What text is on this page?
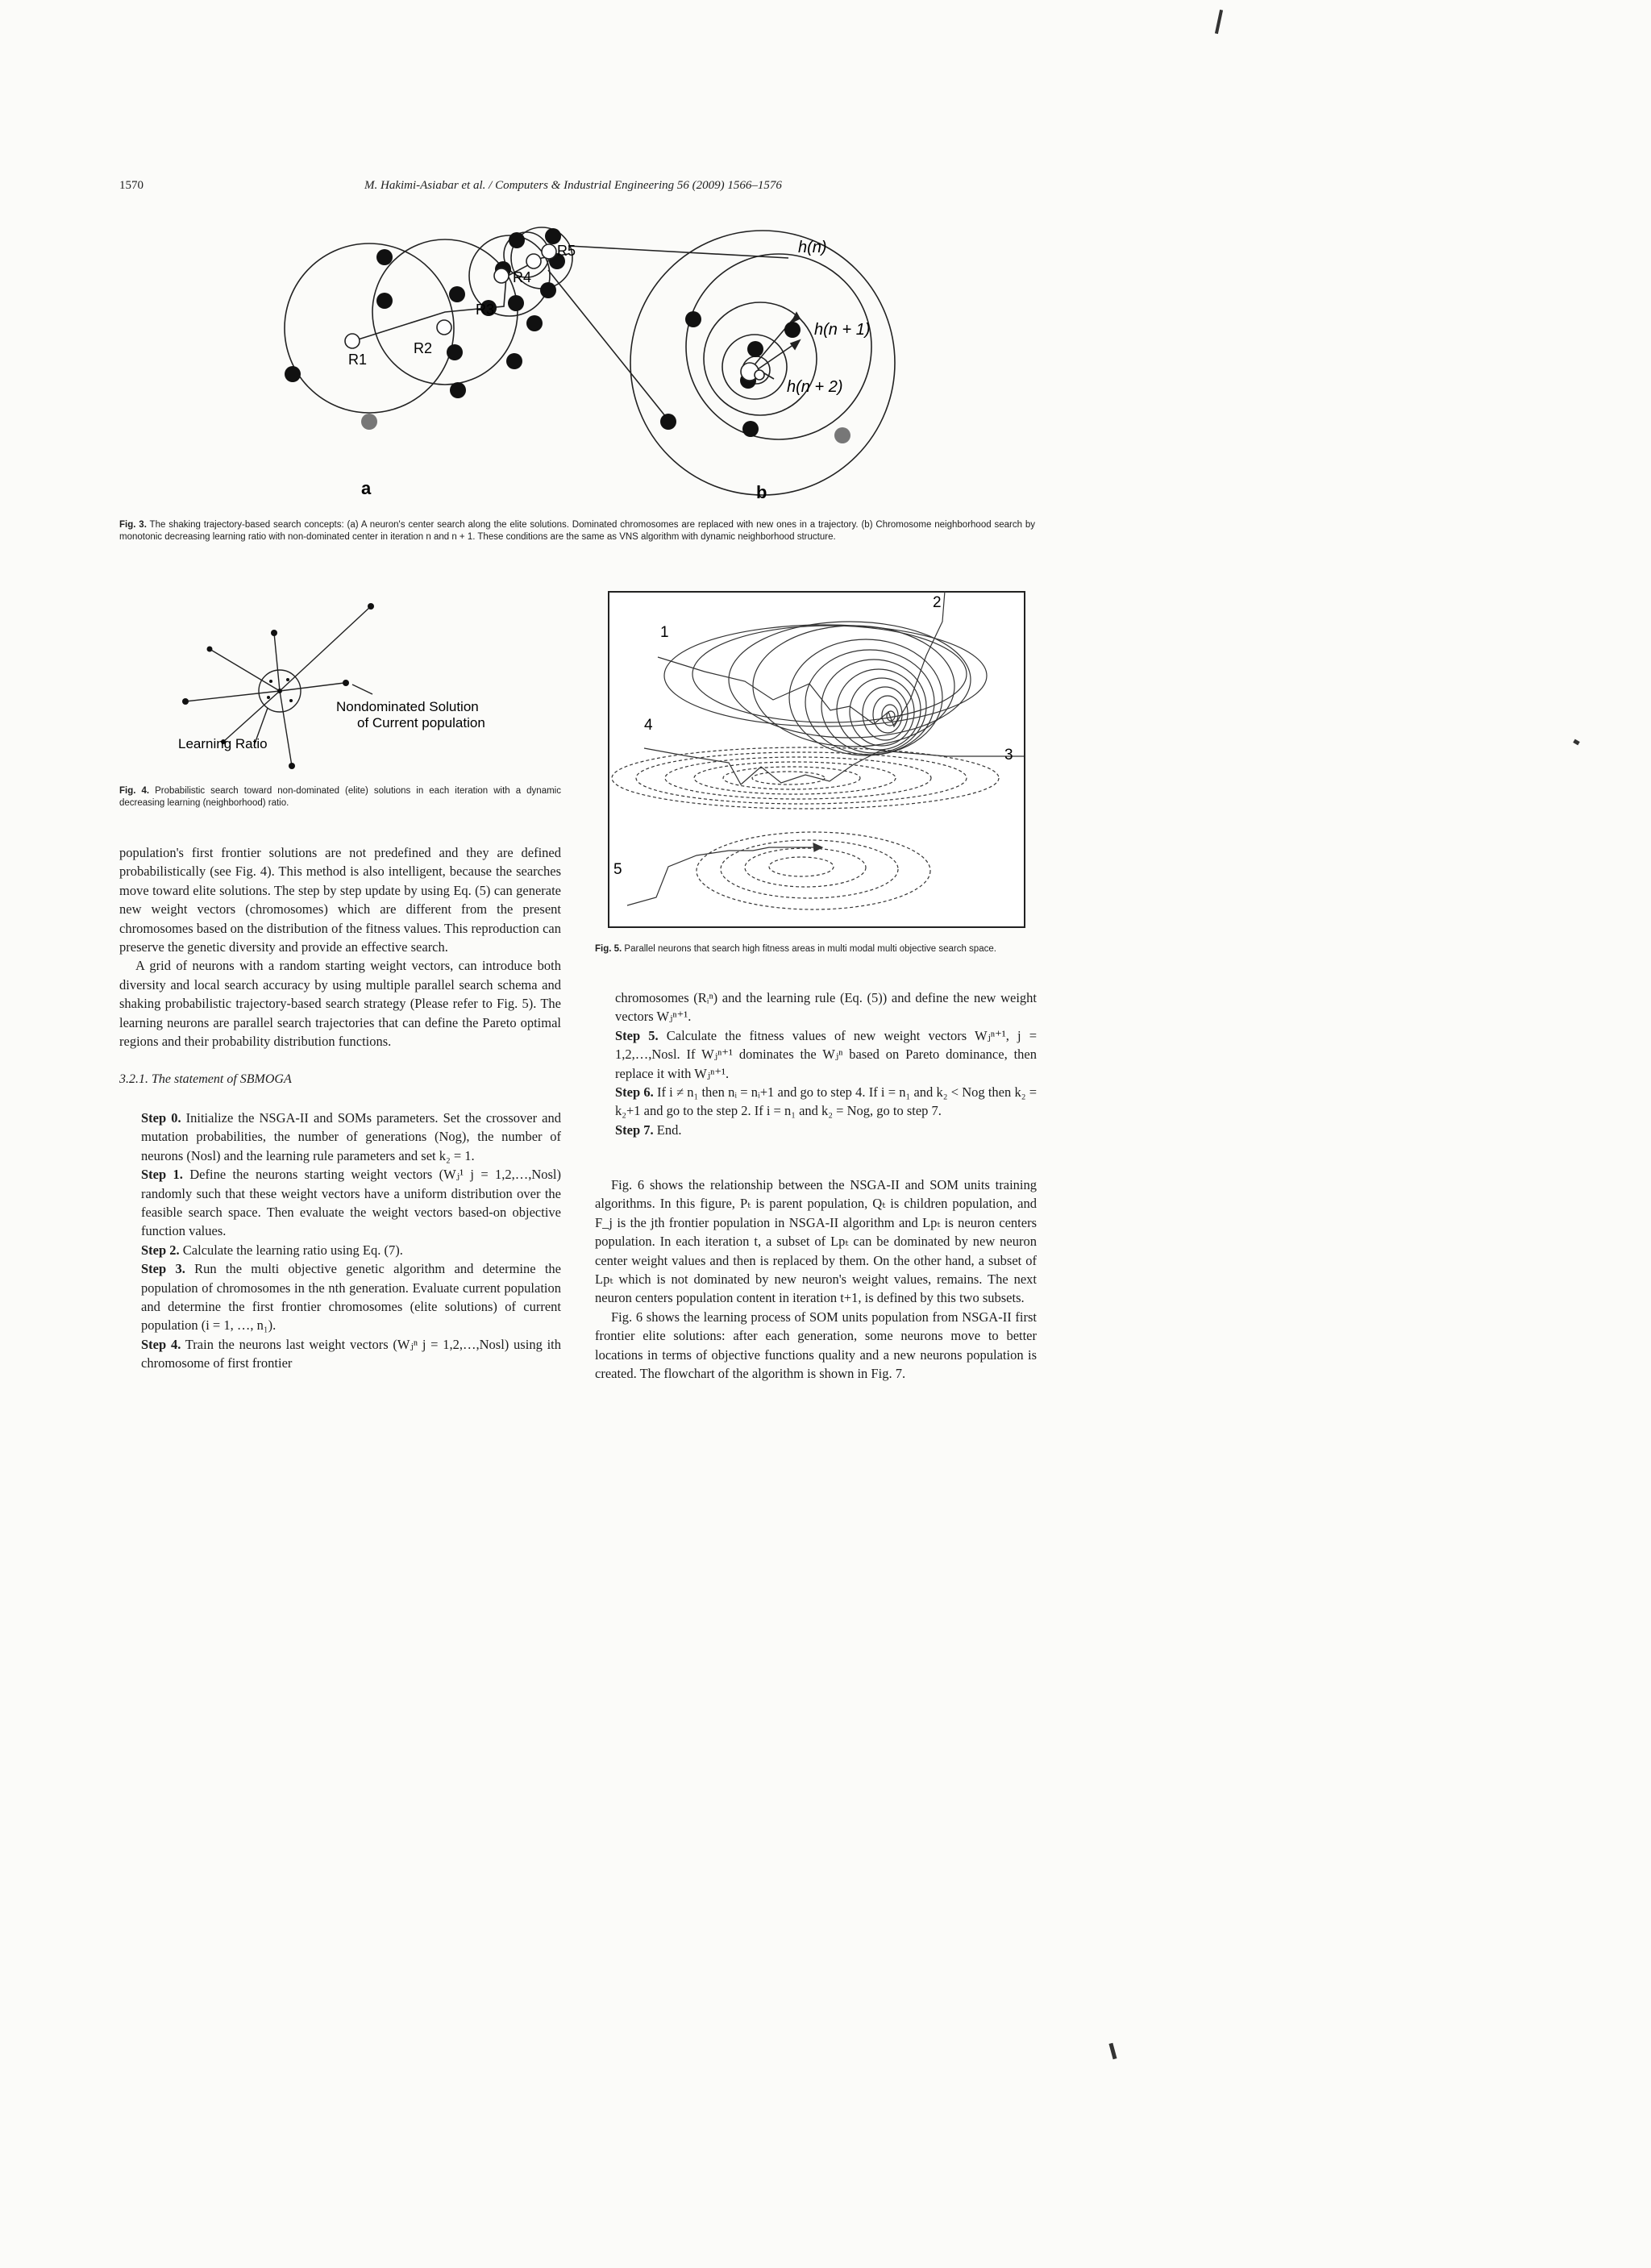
1570	M. Hakimi-Asiabar et al. / Computers & Industrial Engineering 56 (2009) 1566–1576
R1
R2
R3
R4
R5	h(n)
h(n + 1)
h(n + 2)
a	b
Fig. 3. The shaking trajectory-based search concepts: (a) A neuron's center search along the elite solutions. Dominated chromosomes are replaced with new ones in a trajectory. (b) Chromosome neighborhood search by monotonic decreasing learning ratio with non-dominated center in iteration n and n + 1. These conditions are the same as VNS algorithm with dynamic neighborhood structure.
Nondominated Solution
of Current population
Learning Ratio
Fig. 4. Probabilistic search toward non-dominated (elite) solutions in each iteration with a dynamic decreasing learning (neighborhood) ratio.
1
2
3
4
5
Fig. 5. Parallel neurons that search high fitness areas in multi modal multi objective search space.

population's first frontier solutions are not predefined and they are defined probabilistically (see Fig. 4). This method is also intelligent, because the searches move toward elite solutions. The step by step update by using Eq. (5) can generate new weight vectors (chromosomes) which are different from the present chromosomes based on the distribution of the fitness values. This reproduction can preserve the genetic diversity and provide an effective search.

A grid of neurons with a random starting weight vectors, can introduce both diversity and local search accuracy by using multiple parallel search schema and shaking probabilistic trajectory-based search strategy (Please refer to Fig. 5). The learning neurons are parallel search trajectories that can define the Pareto optimal regions and their probability distribution functions.

3.2.1. The statement of SBMOGA

Step 0. Initialize the NSGA-II and SOMs parameters. Set the crossover and mutation probabilities, the number of generations (Nog), the number of neurons (Nosl) and the learning rule parameters and set k₂ = 1.

Step 1. Define the neurons starting weight vectors (Wⱼ¹ j = 1,2,…,Nosl) randomly such that these weight vectors have a uniform distribution over the feasible search space. Then evaluate the weight vectors based-on objective function values.

Step 2. Calculate the learning ratio using Eq. (7).

Step 3. Run the multi objective genetic algorithm and determine the population of chromosomes in the nth generation. Evaluate current population and determine the first frontier chromosomes (elite solutions) of current population (i = 1, …, n₁).

Step 4. Train the neurons last weight vectors (Wⱼⁿ j = 1,2,…,Nosl) using ith chromosome of first frontier

chromosomes (Rᵢⁿ) and the learning rule (Eq. (5)) and define the new weight vectors Wⱼⁿ⁺¹.

Step 5. Calculate the fitness values of new weight vectors Wⱼⁿ⁺¹, j = 1,2,…,Nosl. If Wⱼⁿ⁺¹ dominates the Wⱼⁿ based on Pareto dominance, then replace it with Wⱼⁿ⁺¹.

Step 6. If i ≠ n₁ then nᵢ = nᵢ+1 and go to step 4. If i = n₁ and k₂ < Nog then k₂ = k₂+1 and go to the step 2. If i = n₁ and k₂ = Nog, go to step 7.

Step 7. End.

Fig. 6 shows the relationship between the NSGA-II and SOM units training algorithms. In this figure, Pₜ is parent population, Qₜ is children population, and F_j is the jth frontier population in NSGA-II algorithm and Lpₜ is neuron centers population. In each iteration t, a subset of Lpₜ can be dominated by new neuron center weight values and then is replaced by them. On the other hand, a subset of Lpₜ which is not dominated by new neuron's weight values, remains. The next neuron centers population content in iteration t+1, is defined by this two subsets.

Fig. 6 shows the learning process of SOM units population from NSGA-II first frontier elite solutions: after each generation, some neurons move to better locations in terms of objective functions quality and a new neurons population is created. The flowchart of the algorithm is shown in Fig. 7.
